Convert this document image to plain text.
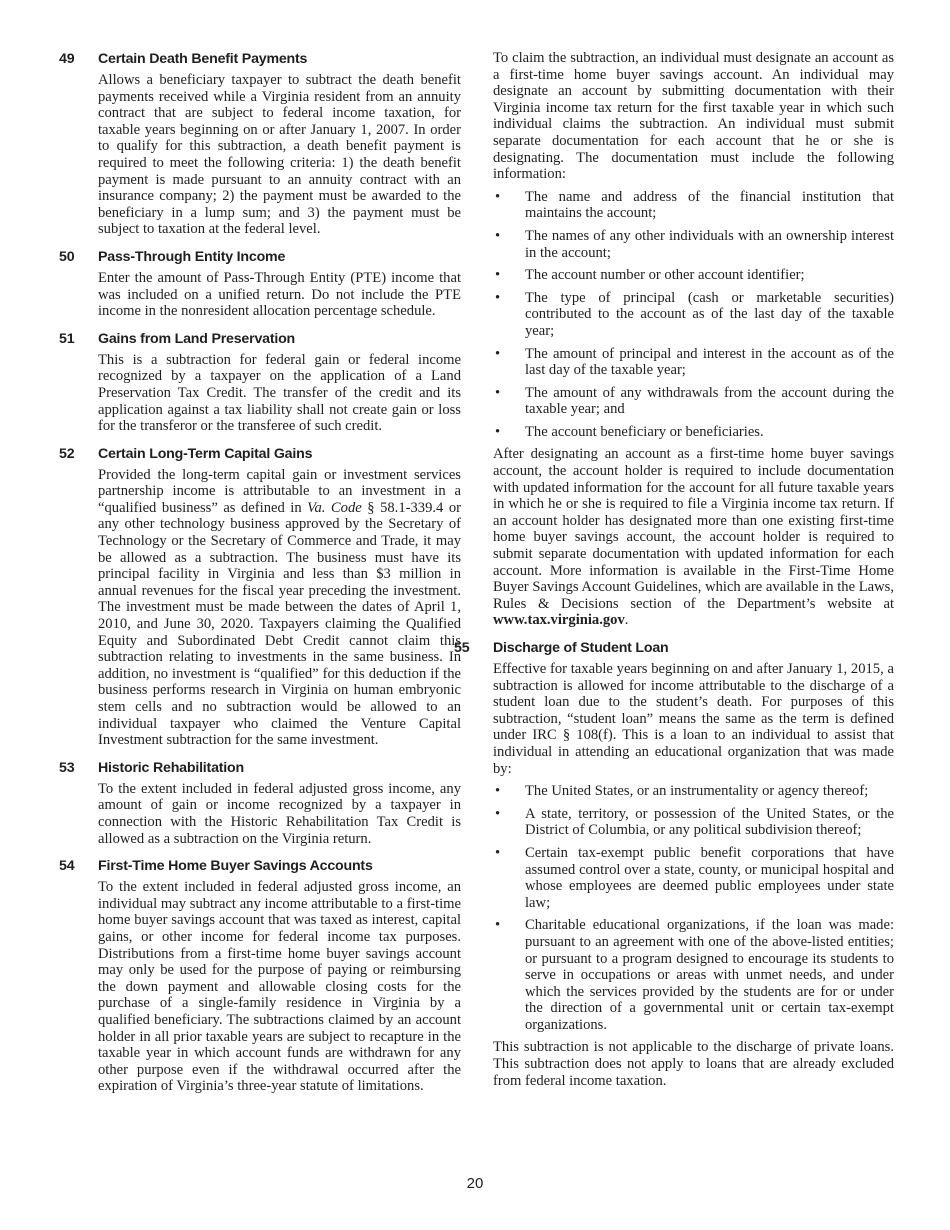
49	Certain Death Benefit Payments

Allows a beneficiary taxpayer to subtract the death benefit payments received while a Virginia resident from an annuity contract that are subject to federal income taxation, for taxable years beginning on or after January 1, 2007. In order to qualify for this subtraction, a death benefit payment is required to meet the following criteria: 1) the death benefit payment is made pursuant to an annuity contract with an insurance company; 2) the payment must be awarded to the beneficiary in a lump sum; and 3) the payment must be subject to taxation at the federal level.

50	Pass-Through Entity Income

Enter the amount of Pass-Through Entity (PTE) income that was included on a unified return. Do not include the PTE income in the nonresident allocation percentage schedule.

51	Gains from Land Preservation

This is a subtraction for federal gain or federal income recognized by a taxpayer on the application of a Land Preservation Tax Credit. The transfer of the credit and its application against a tax liability shall not create gain or loss for the transferor or the transferee of such credit.

52	Certain Long-Term Capital Gains

Provided the long-term capital gain or investment services partnership income is attributable to an investment in a “qualified business” as defined in Va. Code § 58.1-339.4 or any other technology business approved by the Secretary of Technology or the Secretary of Commerce and Trade, it may be allowed as a subtraction. The business must have its principal facility in Virginia and less than $3 million in annual revenues for the fiscal year preceding the investment. The investment must be made between the dates of April 1, 2010, and June 30, 2020. Taxpayers claiming the Qualified Equity and Subordinated Debt Credit cannot claim this subtraction relating to investments in the same business. In addition, no investment is “qualified” for this deduction if the business performs research in Virginia on human embryonic stem cells and no subtraction would be allowed to an individual taxpayer who claimed the Venture Capital Investment subtraction for the same investment.

53	Historic Rehabilitation

To the extent included in federal adjusted gross income, any amount of gain or income recognized by a taxpayer in connection with the Historic Rehabilitation Tax Credit is allowed as a subtraction on the Virginia return.

54	First-Time Home Buyer Savings Accounts

To the extent included in federal adjusted gross income, an individual may subtract any income attributable to a first-time home buyer savings account that was taxed as interest, capital gains, or other income for federal income tax purposes. Distributions from a first-time home buyer savings account may only be used for the purpose of paying or reimbursing the down payment and allowable closing costs for the purchase of a single-family residence in Virginia by a qualified beneficiary. The subtractions claimed by an account holder in all prior taxable years are subject to recapture in the taxable year in which account funds are withdrawn for any other purpose even if the withdrawal occurred after the expiration of Virginia’s three-year statute of limitations.

To claim the subtraction, an individual must designate an account as a first-time home buyer savings account. An individual may designate an account by submitting documentation with their Virginia income tax return for the first taxable year in which such individual claims the subtraction. An individual must submit separate documentation for each account that he or she is designating. The documentation must include the following information:

• The name and address of the financial institution that maintains the account;
• The names of any other individuals with an ownership interest in the account;
• The account number or other account identifier;
• The type of principal (cash or marketable securities) contributed to the account as of the last day of the taxable year;
• The amount of principal and interest in the account as of the last day of the taxable year;
• The amount of any withdrawals from the account during the taxable year; and
• The account beneficiary or beneficiaries.

After designating an account as a first-time home buyer savings account, the account holder is required to include documentation with updated information for the account for all future taxable years in which he or she is required to file a Virginia income tax return. If an account holder has designated more than one existing first-time home buyer savings account, the account holder is required to submit separate documentation with updated information for each account. More information is available in the First-Time Home Buyer Savings Account Guidelines, which are available in the Laws, Rules & Decisions section of the Department’s website at www.tax.virginia.gov.

55	Discharge of Student Loan

Effective for taxable years beginning on and after January 1, 2015, a subtraction is allowed for income attributable to the discharge of a student loan due to the student’s death. For purposes of this subtraction, “student loan” means the same as the term is defined under IRC § 108(f). This is a loan to an individual to assist that individual in attending an educational organization that was made by:

• The United States, or an instrumentality or agency thereof;
• A state, territory, or possession of the United States, or the District of Columbia, or any political subdivision thereof;
• Certain tax-exempt public benefit corporations that have assumed control over a state, county, or municipal hospital and whose employees are deemed public employees under state law;
• Charitable educational organizations, if the loan was made: pursuant to an agreement with one of the above-listed entities; or pursuant to a program designed to encourage its students to serve in occupations or areas with unmet needs, and under which the services provided by the students are for or under the direction of a governmental unit or certain tax-exempt organizations.

This subtraction is not applicable to the discharge of private loans. This subtraction does not apply to loans that are already excluded from federal income taxation.

20
